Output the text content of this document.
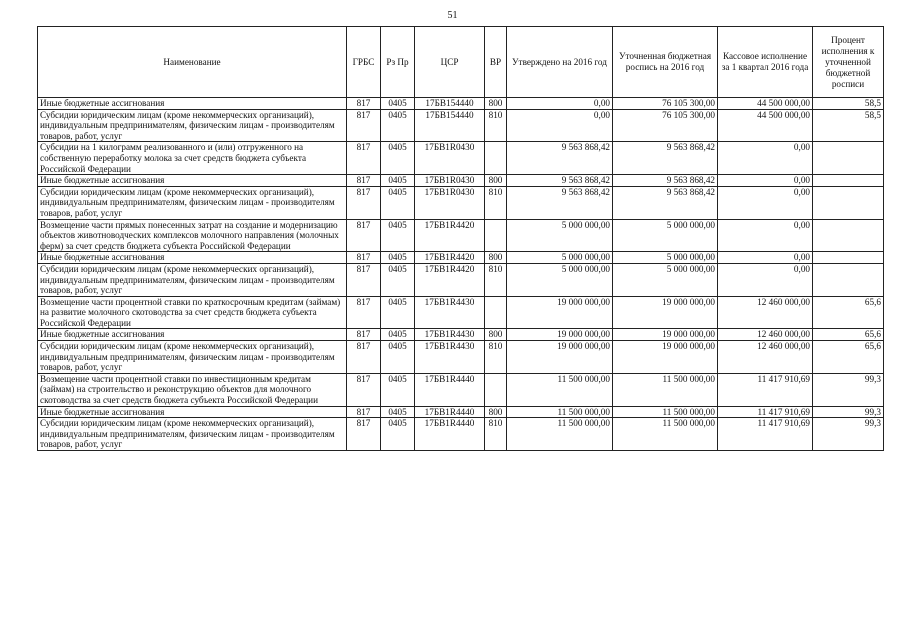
51
Наименование	ГРБС	Рз Пр	ЦСР	ВР	Утверждено на 2016 год	Уточненная бюджетная роспись на 2016 год	Кассовое исполнение за 1 квартал 2016 года	Процент исполнения к уточненной бюджетной росписи
Иные бюджетные ассигнования	817	0405	17БВ154440	800	0,00	76 105 300,00	44 500 000,00	58,5
Субсидии юридическим лицам (кроме некоммерческих организаций), индивидуальным предпринимателям, физическим лицам - производителям товаров, работ, услуг	817	0405	17БВ154440	810	0,00	76 105 300,00	44 500 000,00	58,5
Субсидии на 1 килограмм реализованного и (или) отгруженного на собственную переработку молока за счет средств бюджета субъекта Российской Федерации	817	0405	17БВ1R0430		9 563 868,42	9 563 868,42	0,00	
Иные бюджетные ассигнования	817	0405	17БВ1R0430	800	9 563 868,42	9 563 868,42	0,00	
Субсидии юридическим лицам (кроме некоммерческих организаций), индивидуальным предпринимателям, физическим лицам - производителям товаров, работ, услуг	817	0405	17БВ1R0430	810	9 563 868,42	9 563 868,42	0,00	
Возмещение части прямых понесенных затрат на создание и модернизацию объектов животноводческих комплексов молочного направления (молочных ферм) за счет средств бюджета субъекта Российской Федерации	817	0405	17БВ1R4420		5 000 000,00	5 000 000,00	0,00	
Иные бюджетные ассигнования	817	0405	17БВ1R4420	800	5 000 000,00	5 000 000,00	0,00	
Субсидии юридическим лицам (кроме некоммерческих организаций), индивидуальным предпринимателям, физическим лицам - производителям товаров, работ, услуг	817	0405	17БВ1R4420	810	5 000 000,00	5 000 000,00	0,00	
Возмещение части процентной ставки по краткосрочным кредитам (займам) на развитие молочного скотоводства за счет средств бюджета субъекта Российской Федерации	817	0405	17БВ1R4430		19 000 000,00	19 000 000,00	12 460 000,00	65,6
Иные бюджетные ассигнования	817	0405	17БВ1R4430	800	19 000 000,00	19 000 000,00	12 460 000,00	65,6
Субсидии юридическим лицам (кроме некоммерческих организаций), индивидуальным предпринимателям, физическим лицам - производителям товаров, работ, услуг	817	0405	17БВ1R4430	810	19 000 000,00	19 000 000,00	12 460 000,00	65,6
Возмещение части процентной ставки по инвестиционным кредитам (займам) на строительство и реконструкцию объектов для молочного скотоводства за счет средств бюджета субъекта Российской Федерации	817	0405	17БВ1R4440		11 500 000,00	11 500 000,00	11 417 910,69	99,3
Иные бюджетные ассигнования	817	0405	17БВ1R4440	800	11 500 000,00	11 500 000,00	11 417 910,69	99,3
Субсидии юридическим лицам (кроме некоммерческих организаций), индивидуальным предпринимателям, физическим лицам - производителям товаров, работ, услуг	817	0405	17БВ1R4440	810	11 500 000,00	11 500 000,00	11 417 910,69	99,3
